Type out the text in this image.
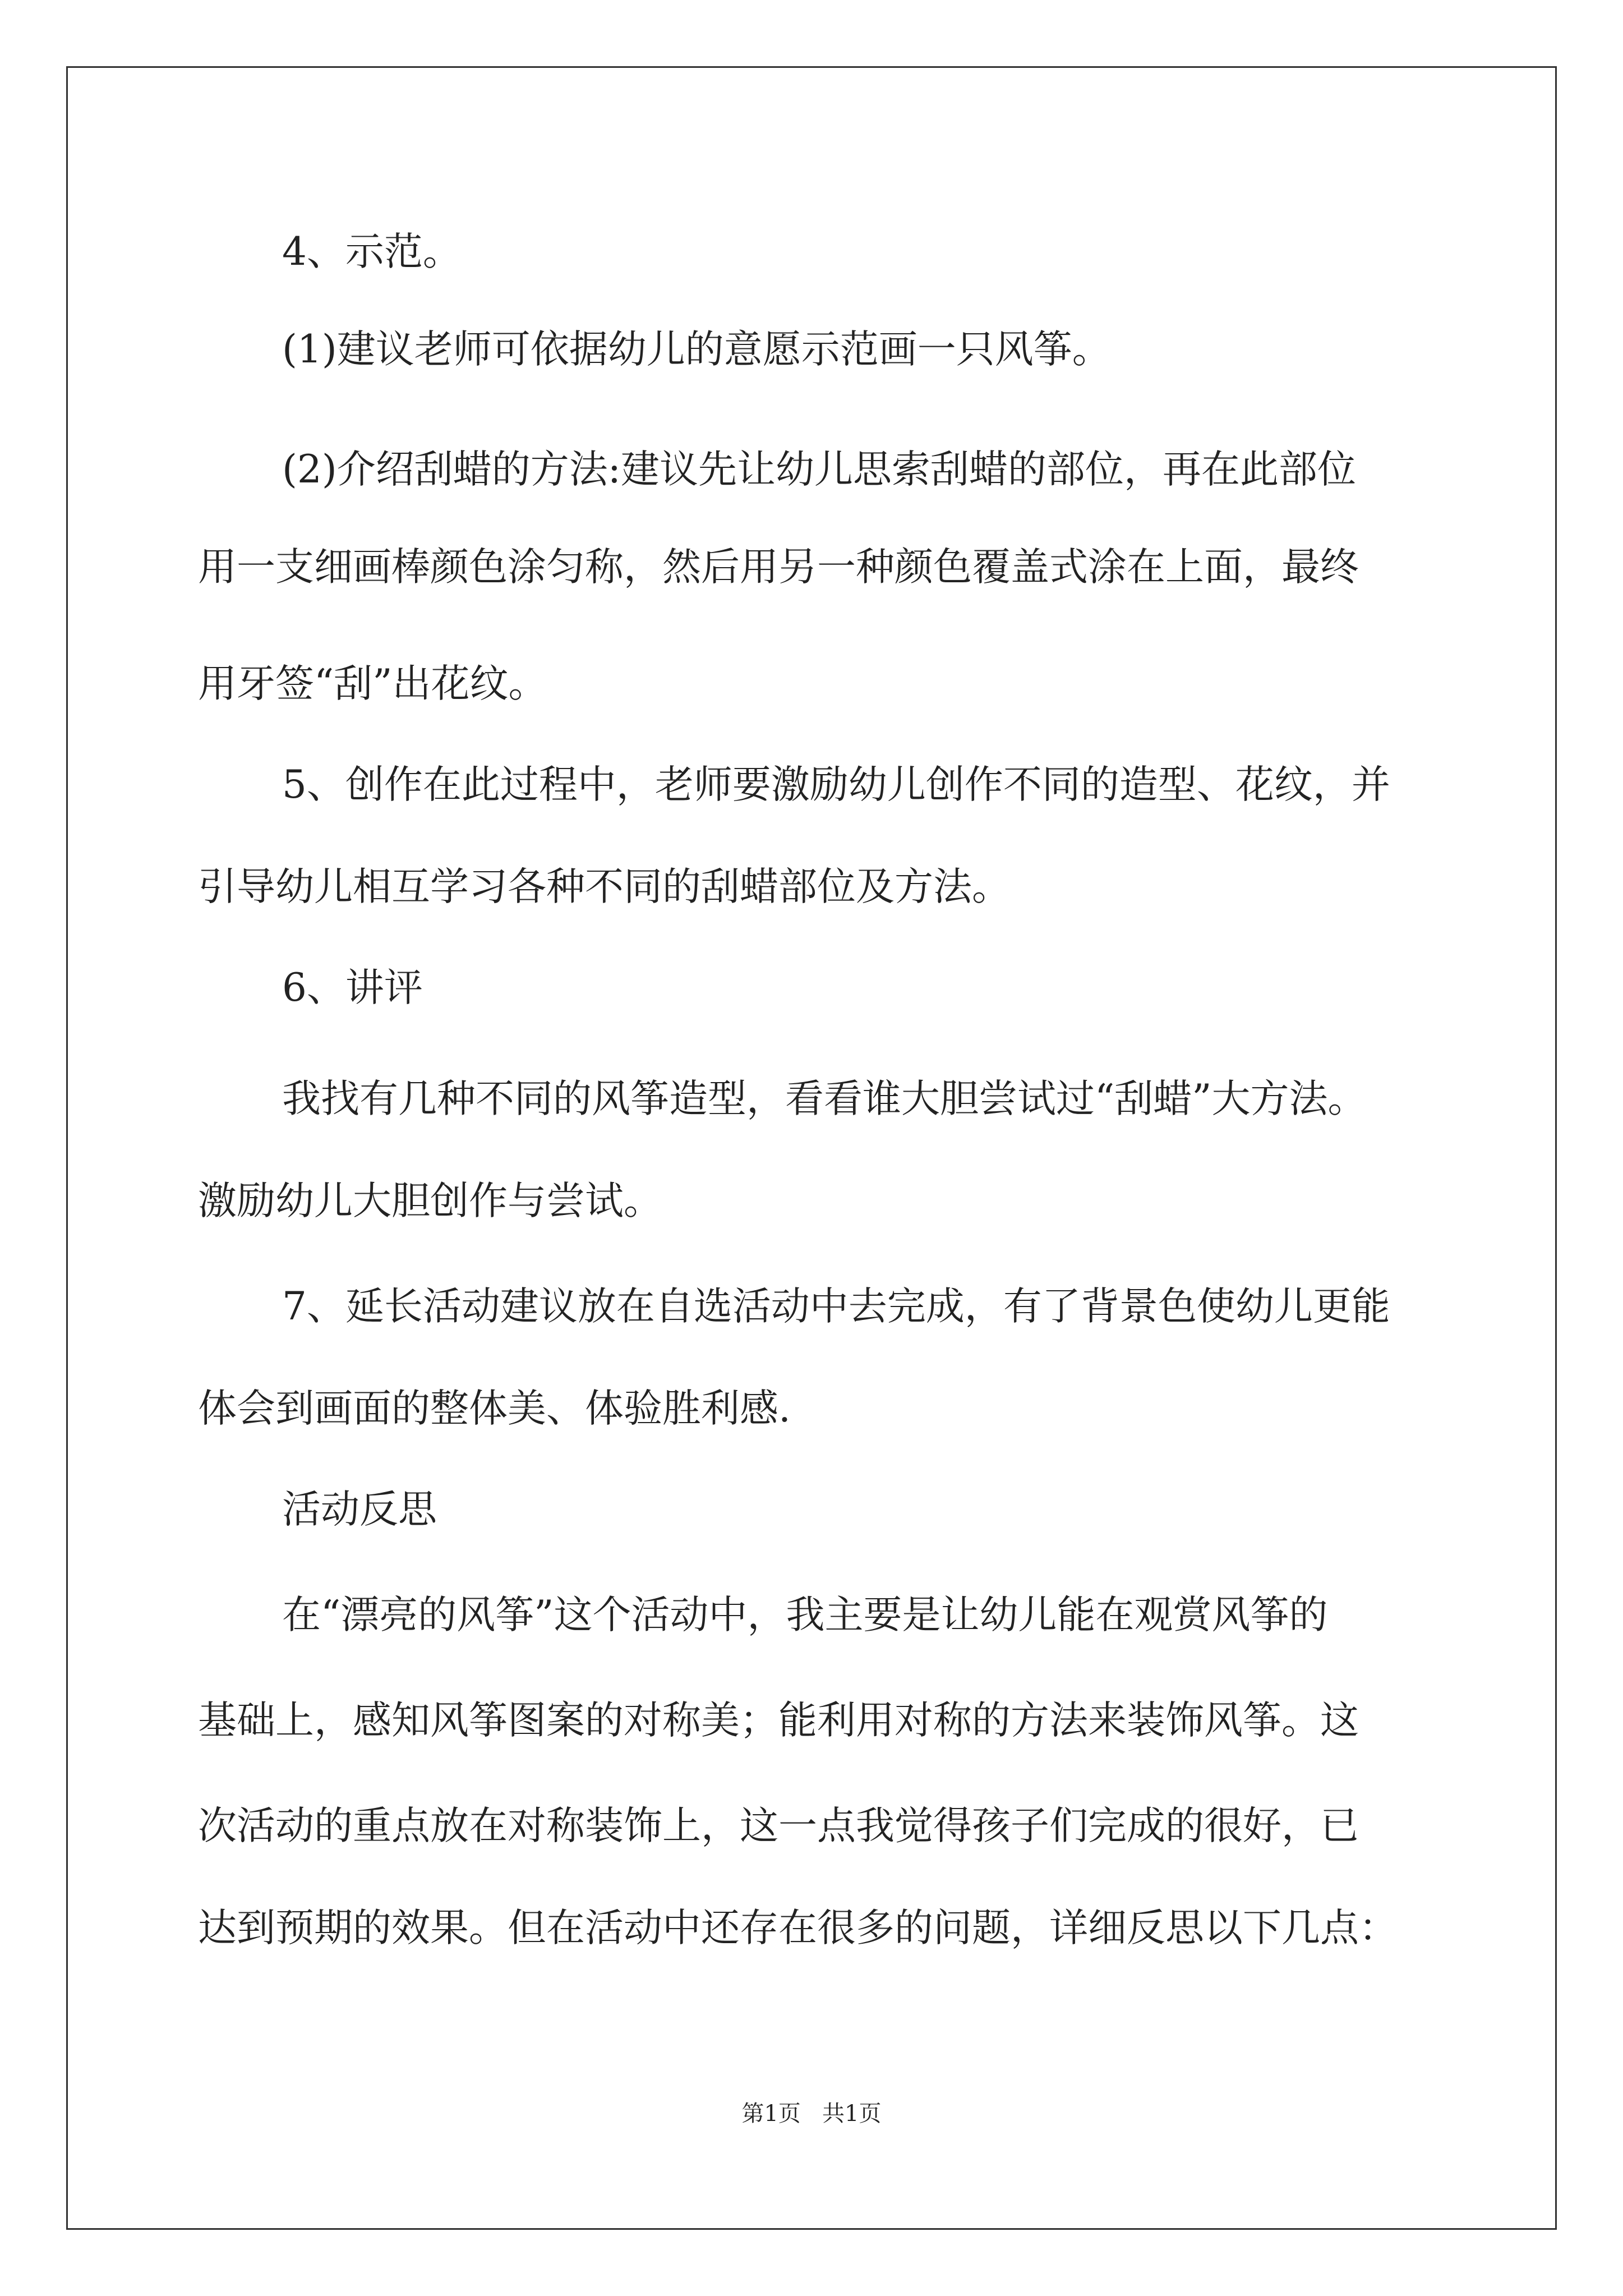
4、示范。
(1)建议老师可依据幼儿的意愿示范画一只风筝。
(2)介绍刮蜡的方法:建议先让幼儿思索刮蜡的部位，再在此部位
用一支细画棒颜色涂匀称，然后用另一种颜色覆盖式涂在上面，最终
用牙签“刮”出花纹。
5、创作在此过程中，老师要激励幼儿创作不同的造型、花纹，并
引导幼儿相互学习各种不同的刮蜡部位及方法。
6、讲评
我找有几种不同的风筝造型，看看谁大胆尝试过“刮蜡”大方法。
激励幼儿大胆创作与尝试。
7、延长活动建议放在自选活动中去完成，有了背景色使幼儿更能
体会到画面的整体美、体验胜利感.
活动反思
在“漂亮的风筝”这个活动中，我主要是让幼儿能在观赏风筝的
基础上，感知风筝图案的对称美；能利用对称的方法来装饰风筝。这
次活动的重点放在对称装饰上，这一点我觉得孩子们完成的很好，已
达到预期的效果。但在活动中还存在很多的问题，详细反思以下几点：
第1页   共1页
